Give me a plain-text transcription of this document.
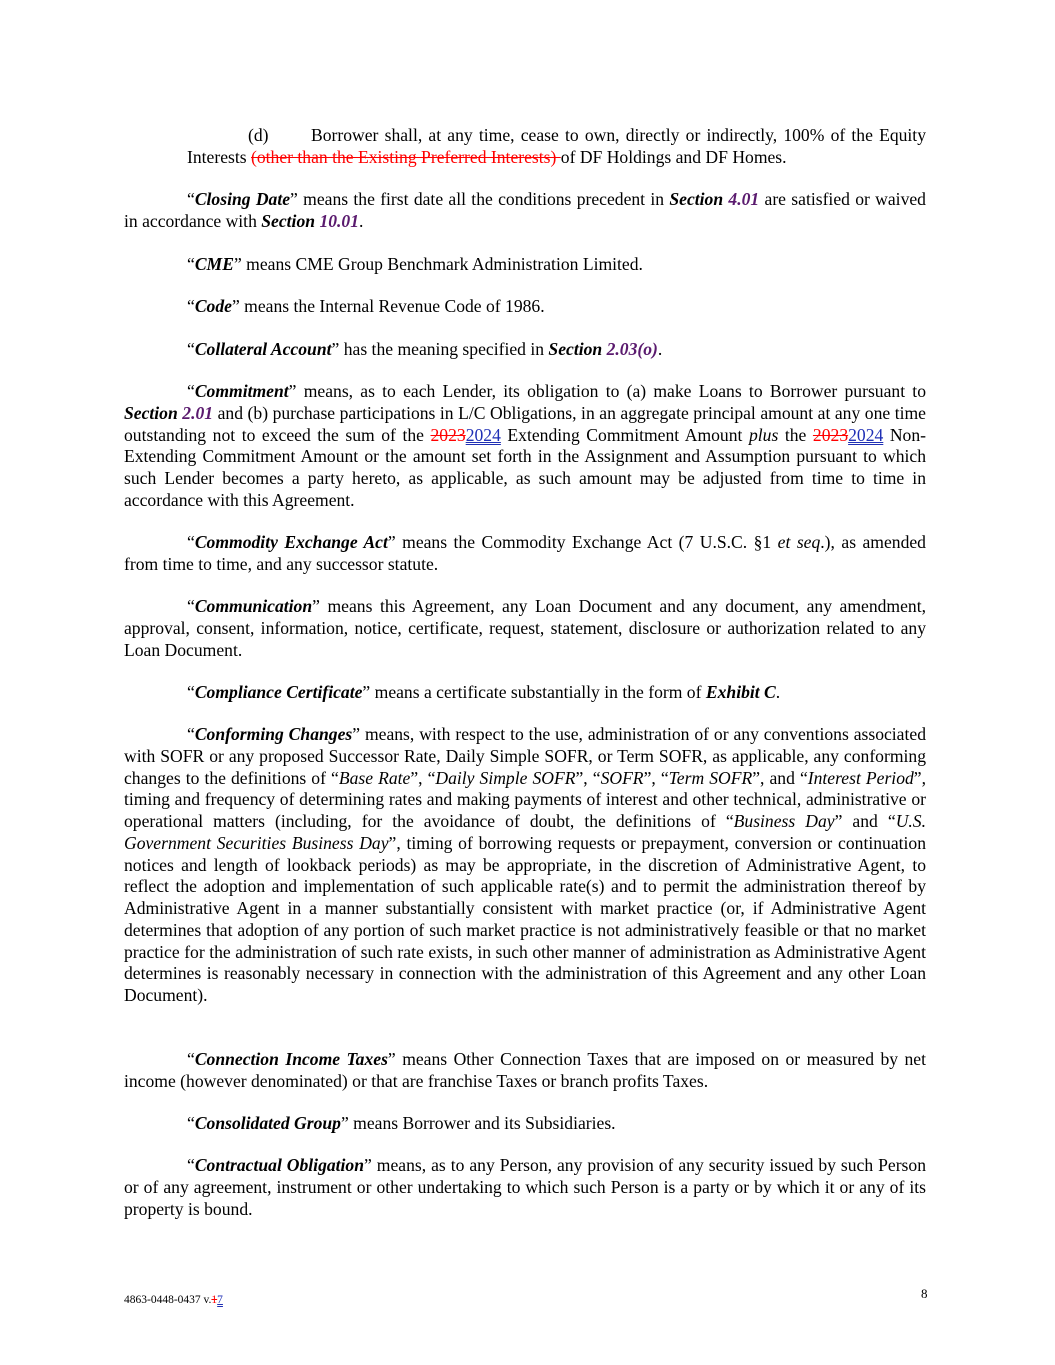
(d) Borrower shall, at any time, cease to own, directly or indirectly, 100% of the Equity Interests (other than the Existing Preferred Interests) of DF Holdings and DF Homes.

“Closing Date” means the first date all the conditions precedent in Section 4.01 are satisfied or waived in accordance with Section 10.01.

“CME” means CME Group Benchmark Administration Limited.

“Code” means the Internal Revenue Code of 1986.

“Collateral Account” has the meaning specified in Section 2.03(o).

“Commitment” means, as to each Lender, its obligation to (a) make Loans to Borrower pursuant to Section 2.01 and (b) purchase participations in L/C Obligations, in an aggregate principal amount at any one time outstanding not to exceed the sum of the 20232024 Extending Commitment Amount plus the 20232024 Non-Extending Commitment Amount or the amount set forth in the Assignment and Assumption pursuant to which such Lender becomes a party hereto, as applicable, as such amount may be adjusted from time to time in accordance with this Agreement.

“Commodity Exchange Act” means the Commodity Exchange Act (7 U.S.C. §1 et seq.), as amended from time to time, and any successor statute.

“Communication” means this Agreement, any Loan Document and any document, any amendment, approval, consent, information, notice, certificate, request, statement, disclosure or authorization related to any Loan Document.

“Compliance Certificate” means a certificate substantially in the form of Exhibit C.

“Conforming Changes” means, with respect to the use, administration of or any conventions associated with SOFR or any proposed Successor Rate, Daily Simple SOFR, or Term SOFR, as applicable, any conforming changes to the definitions of “Base Rate”, “Daily Simple SOFR”, “SOFR”, “Term SOFR”, and “Interest Period”, timing and frequency of determining rates and making payments of interest and other technical, administrative or operational matters (including, for the avoidance of doubt, the definitions of “Business Day” and “U.S. Government Securities Business Day”, timing of borrowing requests or prepayment, conversion or continuation notices and length of lookback periods) as may be appropriate, in the discretion of Administrative Agent, to reflect the adoption and implementation of such applicable rate(s) and to permit the administration thereof by Administrative Agent in a manner substantially consistent with market practice (or, if Administrative Agent determines that adoption of any portion of such market practice is not administratively feasible or that no market practice for the administration of such rate exists, in such other manner of administration as Administrative Agent determines is reasonably necessary in connection with the administration of this Agreement and any other Loan Document).

“Connection Income Taxes” means Other Connection Taxes that are imposed on or measured by net income (however denominated) or that are franchise Taxes or branch profits Taxes.

“Consolidated Group” means Borrower and its Subsidiaries.

“Contractual Obligation” means, as to any Person, any provision of any security issued by such Person or of any agreement, instrument or other undertaking to which such Person is a party or by which it or any of its property is bound.

4863-0448-0437 v.17	8
